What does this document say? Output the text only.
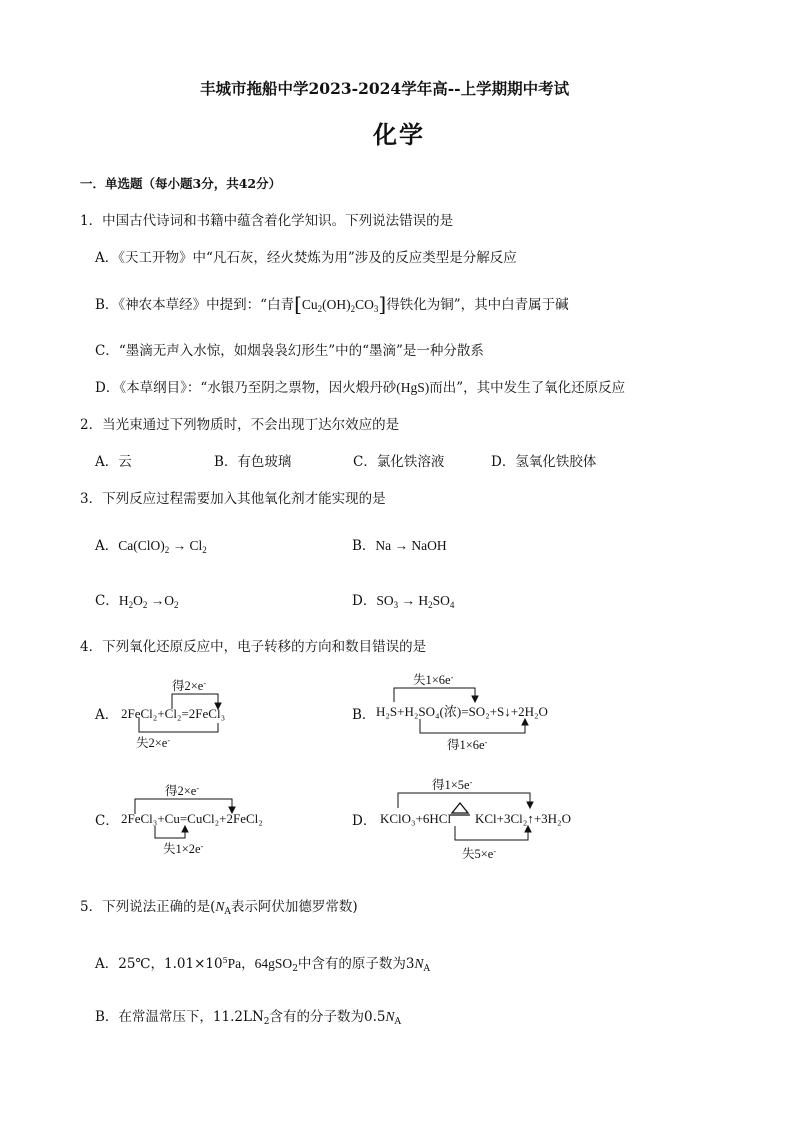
丰城市拖船中学2023-2024学年高--上学期期中考试
化学
一．单选题（每小题3分，共42分）
1．中国古代诗词和书籍中蕴含着化学知识。下列说法错误的是
A．《天工开物》中“凡石灰，经火焚炼为用”涉及的反应类型是分解反应
B．《神农本草经》中提到：“白青$[Cu_2(OH)_2CO_3]$得铁化为铜”，其中白青属于碱
C．“墨滴无声入水惊，如烟袅袅幻形生”中的“墨滴”是一种分散系
D．《本草纲目》：“水银乃至阴之票物，因火煅丹砂(HgS)而出”，其中发生了氧化还原反应
2．当光束通过下列物质时，不会出现丁达尔效应的是
A．云	B．有色玻璃	C．氯化铁溶液	D．氢氧化铁胶体
3．下列反应过程需要加入其他氧化剂才能实现的是
A．$Ca(ClO)_2 \to Cl_2$	B．Na → NaOH
C．$H_2O_2 \to O_2$	D．$SO_3 \to H_2SO_4$
4．下列氧化还原反应中，电子转移的方向和数目错误的是
A．	B．
C．	D．
得2×e-
2FeCl₂+Cl₂=2FeCl₃
失2×e-
失1×6e-
H₂S+H₂SO₄(浓)=SO₂+S↓+2H₂O
得1×6e-
得2×e-
2FeCl₃+Cu=CuCl₂+2FeCl₂
失1×2e-
得1×5e-
KClO₃+6HCl KCl+3Cl₂↑+3H₂O
失5×e-
5．下列说法正确的是($N_A$表示阿伏加德罗常数)
A．25℃，$1.01\times 10^5Pa$，64gSO$_2$中含有的原子数为$3N_A$
B．在常温常压下，$11.2LN_2$含有的分子数为$0.5N_A$
